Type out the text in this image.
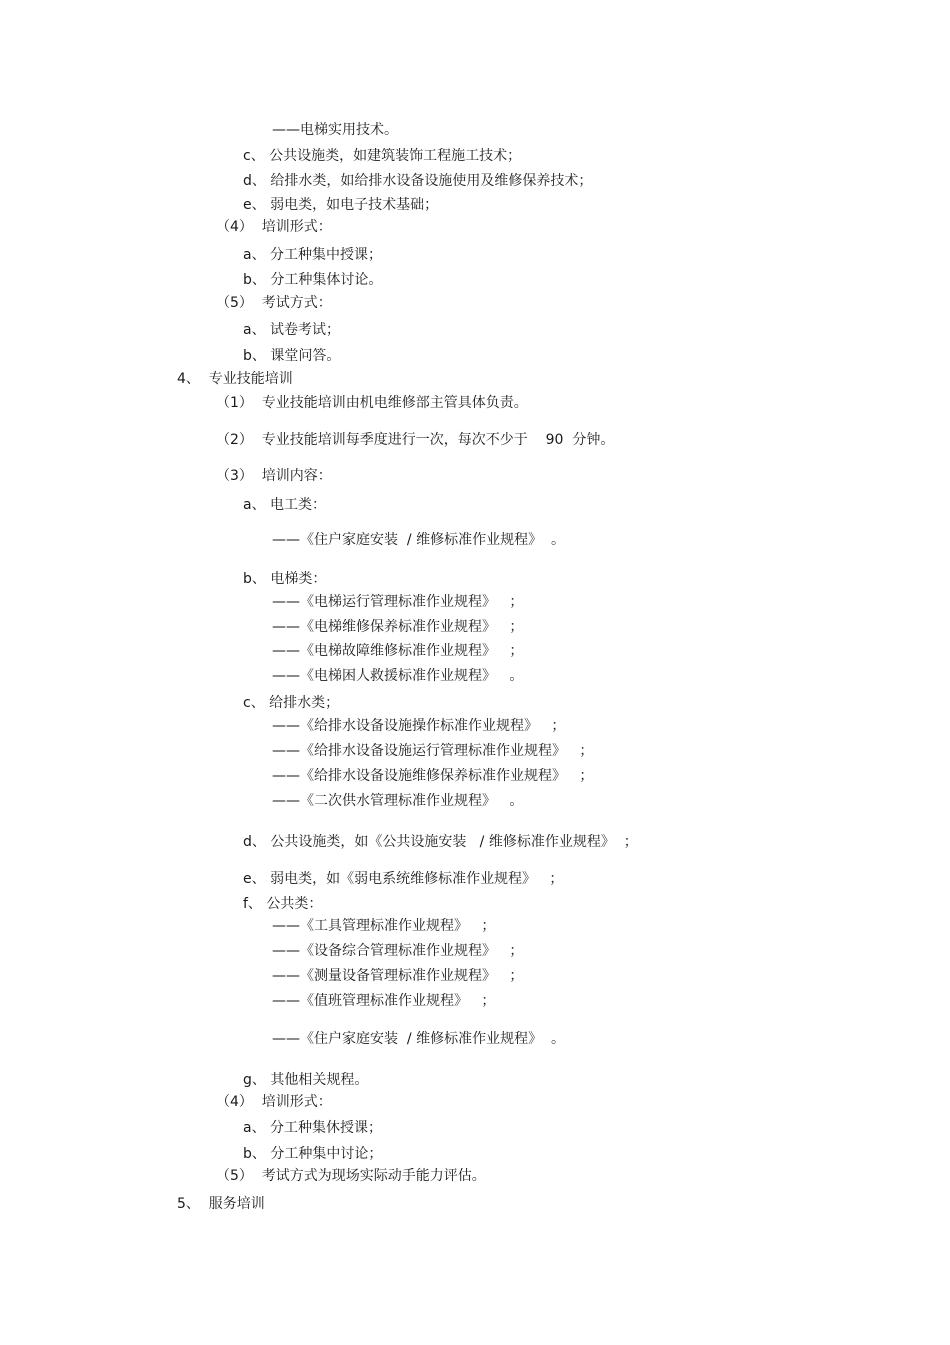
——电梯实用技术。
c、 公共设施类，如建筑装饰工程施工技术；
d、 给排水类，如给排水设备设施使用及维修保养技术；
e、 弱电类，如电子技术基础；
（4）  培训形式：
a、 分工种集中授课；
b、 分工种集体讨论。
（5）  考试方式：
a、 试卷考试；
b、 课堂问答。
4、  专业技能培训
（1）  专业技能培训由机电维修部主管具体负责。
（2）  专业技能培训每季度进行一次，每次不少于    90  分钟。
（3）  培训内容：
a、 电工类：
——《住户家庭安装  / 维修标准作业规程》  。
b、 电梯类：
——《电梯运行管理标准作业规程》   ；
——《电梯维修保养标准作业规程》   ；
——《电梯故障维修标准作业规程》   ；
——《电梯困人救援标准作业规程》   。
c、 给排水类；
——《给排水设备设施操作标准作业规程》   ；
——《给排水设备设施运行管理标准作业规程》   ；
——《给排水设备设施维修保养标准作业规程》   ；
——《二次供水管理标准作业规程》   。
d、 公共设施类，如《公共设施安装   / 维修标准作业规程》  ；
e、 弱电类，如《弱电系统维修标准作业规程》   ；
f、 公共类：
——《工具管理标准作业规程》   ；
——《设备综合管理标准作业规程》   ；
——《测量设备管理标准作业规程》   ；
——《值班管理标准作业规程》   ；
——《住户家庭安装  / 维修标准作业规程》  。
g、 其他相关规程。
（4）  培训形式：
a、 分工种集休授课；
b、 分工种集中讨论；
（5）  考试方式为现场实际动手能力评估。
5、  服务培训
